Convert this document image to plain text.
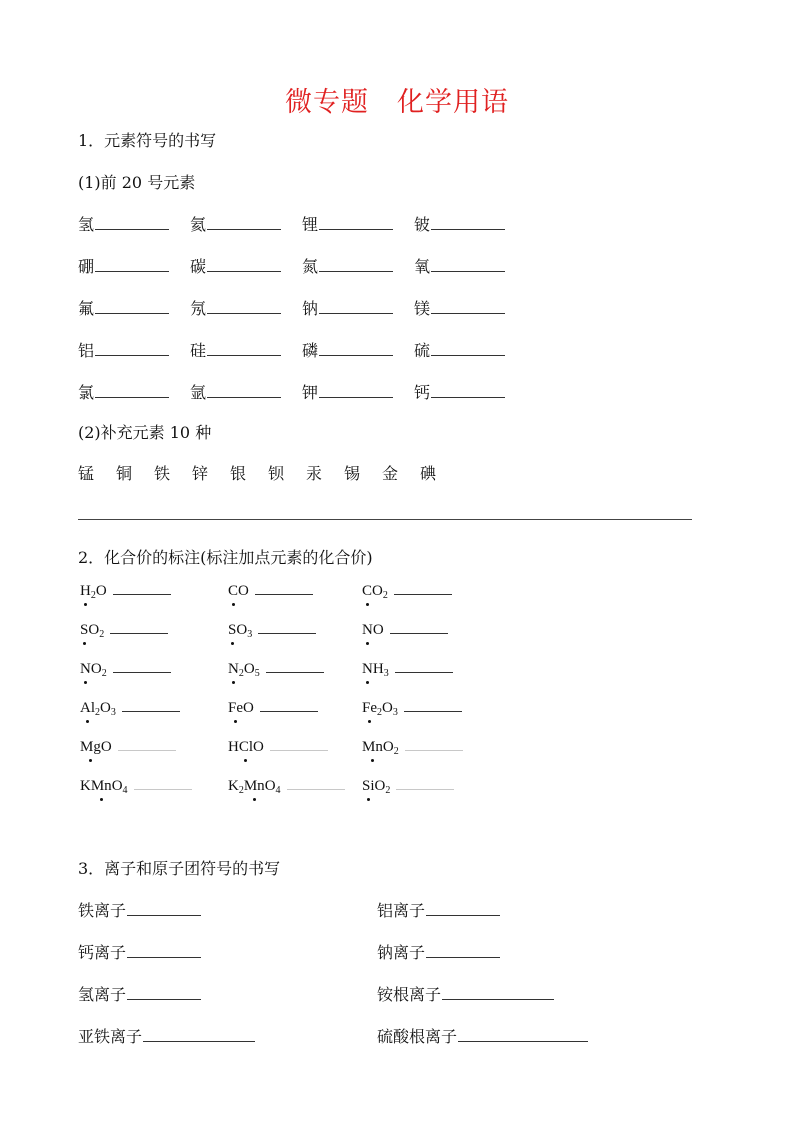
微专题　化学用语
1．元素符号的书写
(1)前 20 号元素
氢	氦	锂	铍
硼	碳	氮	氧
氟	氖	钠	镁
铝	硅	磷	硫
氯	氩	钾	钙
(2)补充元素 10 种
锰 铜 铁 锌 银 钡 汞 锡 金 碘
2．化合价的标注(标注加点元素的化合价)
$H_2O$	CO	$CO_2$
$SO_2$	$SO_3$	NO
$NO_2$	$N_2O_5$	$NH_3$
$Al_2O_3$	FeO	$Fe_2O_3$
MgO	HClO	MnO$_2$
KMnO$_4$	$K_2MnO_4$	SiO$_2$
3．离子和原子团符号的书写
铁离子	铝离子
钙离子	钠离子
氢离子	铵根离子
亚铁离子	硫酸根离子
